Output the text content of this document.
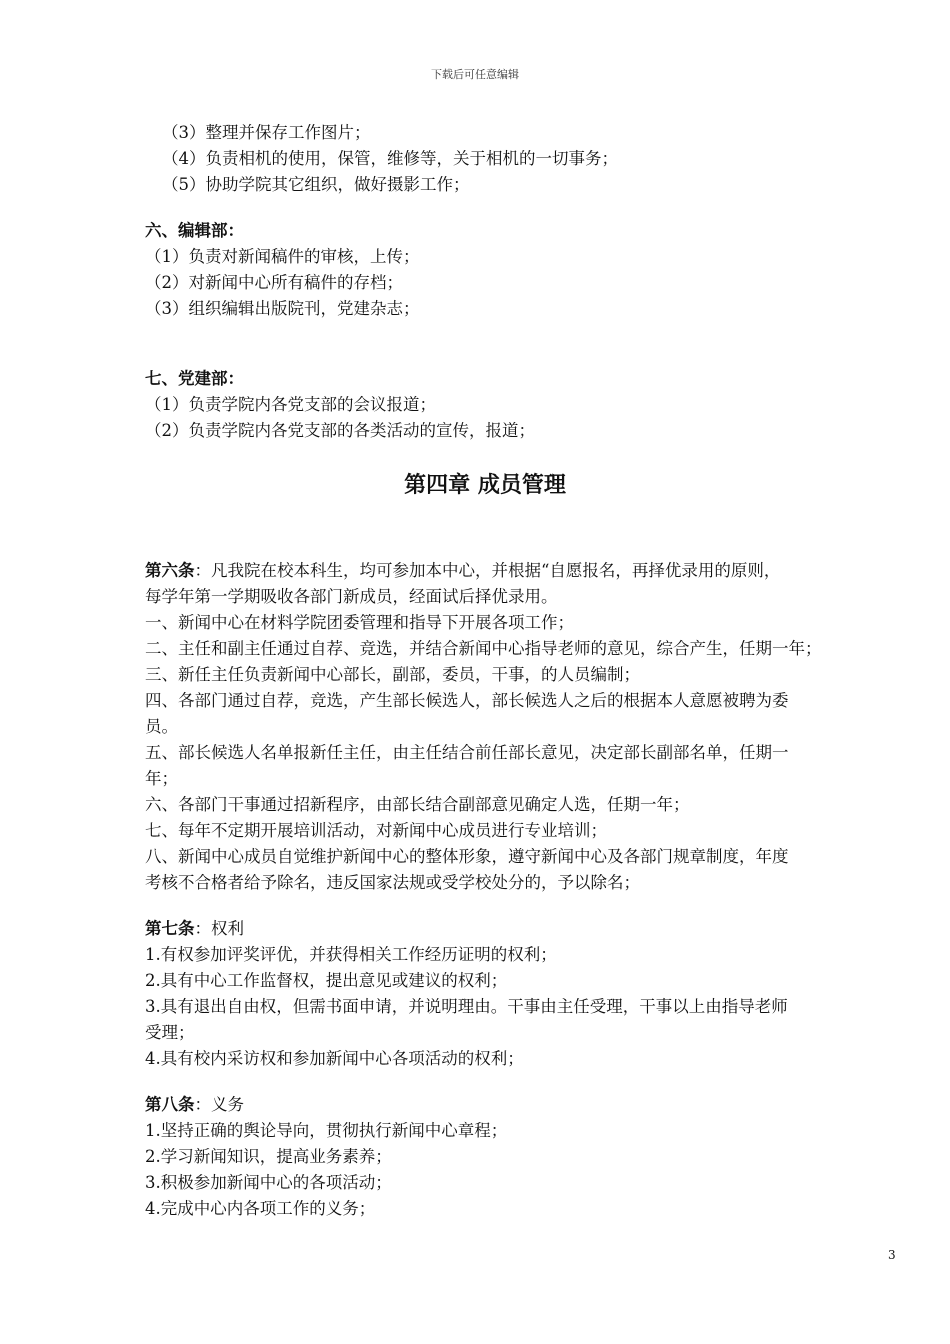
下载后可任意编辑
（3）整理并保存工作图片；
（4）负责相机的使用，保管，维修等，关于相机的一切事务；
（5）协助学院其它组织，做好摄影工作；
六、编辑部：
（1）负责对新闻稿件的审核，上传；
（2）对新闻中心所有稿件的存档；
（3）组织编辑出版院刊，党建杂志；
七、党建部：
（1）负责学院内各党支部的会议报道；
（2）负责学院内各党支部的各类活动的宣传，报道；
第四章 成员管理
第六条：凡我院在校本科生，均可参加本中心，并根据“自愿报名，再择优录用的原则，
每学年第一学期吸收各部门新成员，经面试后择优录用。
一、新闻中心在材料学院团委管理和指导下开展各项工作；
二、主任和副主任通过自荐、竞选，并结合新闻中心指导老师的意见，综合产生，任期一年；
三、新任主任负责新闻中心部长，副部，委员，干事，的人员编制；
四、各部门通过自荐，竞选，产生部长候选人，部长候选人之后的根据本人意愿被聘为委
员。
五、部长候选人名单报新任主任，由主任结合前任部长意见，决定部长副部名单，任期一
年；
六、各部门干事通过招新程序，由部长结合副部意见确定人选，任期一年；
七、每年不定期开展培训活动，对新闻中心成员进行专业培训；
八、新闻中心成员自觉维护新闻中心的整体形象，遵守新闻中心及各部门规章制度，年度
考核不合格者给予除名，违反国家法规或受学校处分的，予以除名；
第七条：权利
1.有权参加评奖评优，并获得相关工作经历证明的权利；
2.具有中心工作监督权，提出意见或建议的权利；
3.具有退出自由权，但需书面申请，并说明理由。干事由主任受理，干事以上由指导老师
受理；
4.具有校内采访权和参加新闻中心各项活动的权利；
第八条：义务
1.坚持正确的舆论导向，贯彻执行新闻中心章程；
2.学习新闻知识，提高业务素养；
3.积极参加新闻中心的各项活动；
4.完成中心内各项工作的义务；
3
